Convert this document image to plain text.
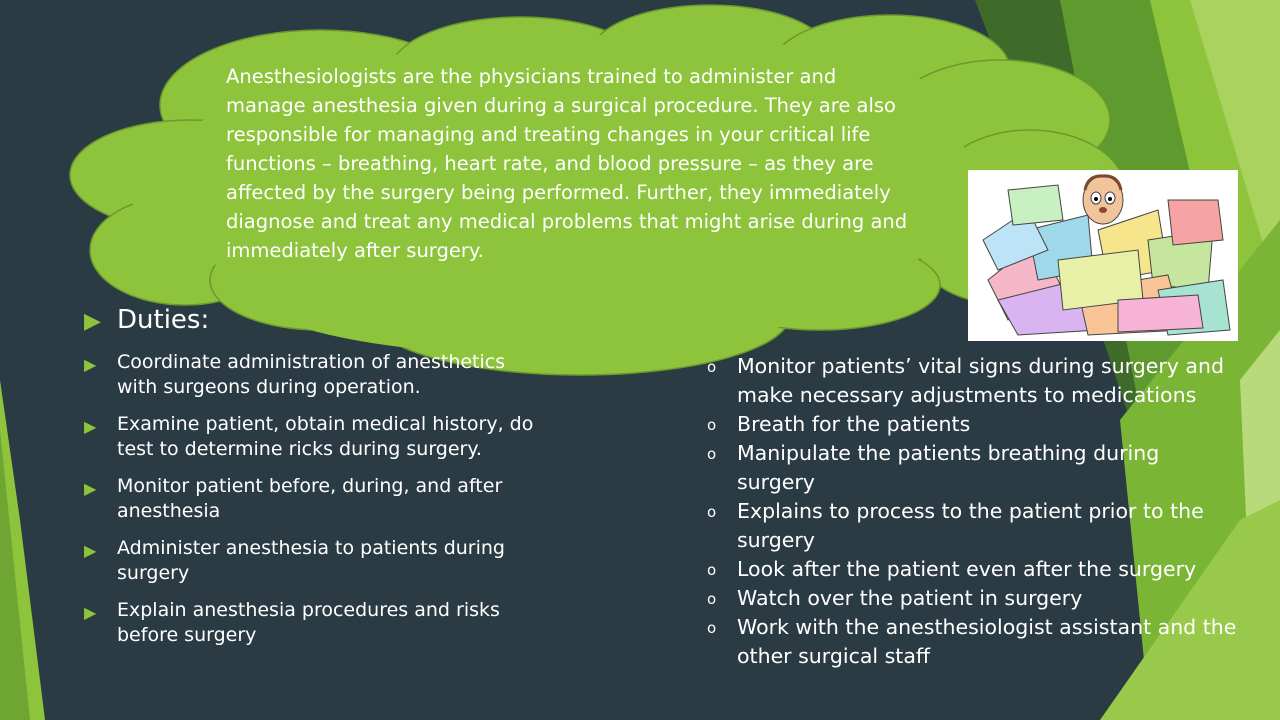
Anesthesiologists are the physicians trained to administer and manage anesthesia given during a surgical procedure. They are also responsible for managing and treating changes in your critical life functions – breathing, heart rate, and blood pressure – as they are affected by the surgery being performed. Further, they immediately diagnose and treat any medical problems that might arise during and immediately after surgery.

▶ Duties:
▶ Coordinate administration of anesthetics with surgeons during operation.
▶ Examine patient, obtain medical history, do test to determine ricks during surgery.
▶ Monitor patient before, during, and after anesthesia
▶ Administer anesthesia to patients during surgery
▶ Explain anesthesia procedures and risks before surgery
o Monitor patients’ vital signs during surgery and make necessary adjustments to medications
o Breath for the patients
o Manipulate the patients breathing during surgery
o Explains to process to the patient prior to the surgery
o Look after the patient even after the surgery
o Watch over the patient in surgery
o Work with the anesthesiologist assistant and the other surgical staff
